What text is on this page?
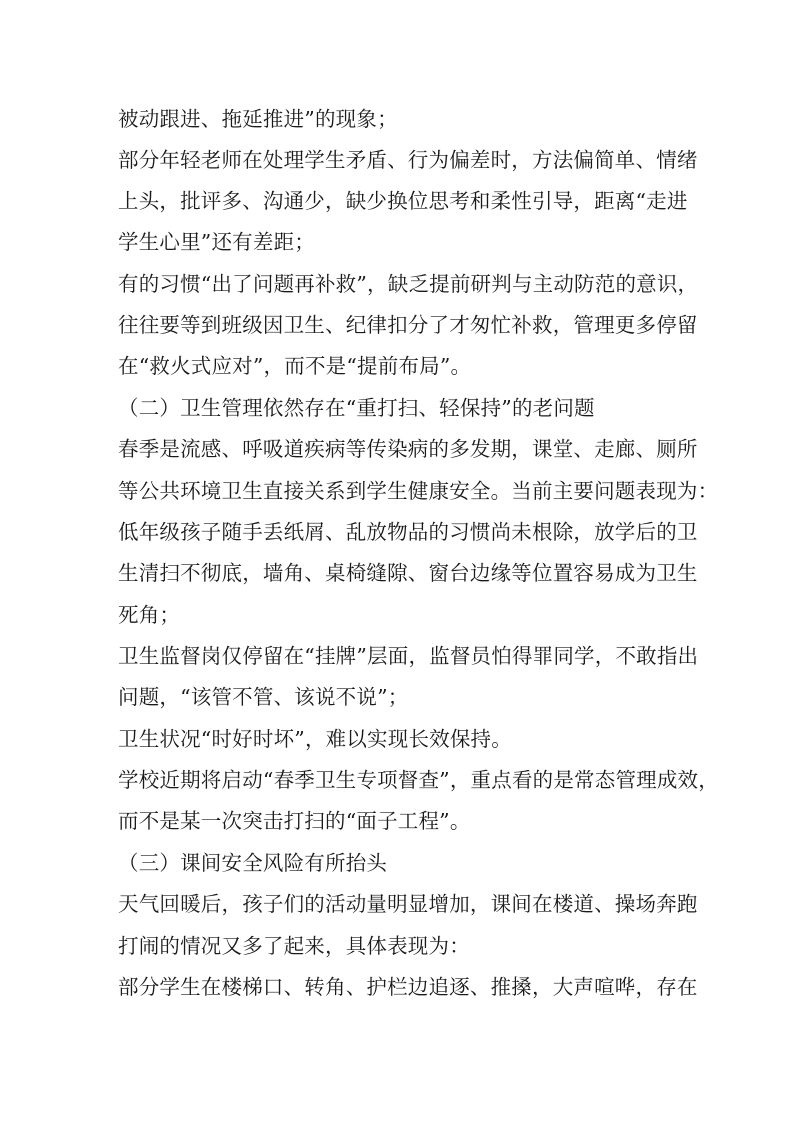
被动跟进、拖延推进”的现象；
部分年轻老师在处理学生矛盾、行为偏差时，方法偏简单、情绪
上头，批评多、沟通少，缺少换位思考和柔性引导，距离“走进
学生心里”还有差距；
有的习惯“出了问题再补救”，缺乏提前研判与主动防范的意识，
往往要等到班级因卫生、纪律扣分了才匆忙补救，管理更多停留
在“救火式应对”，而不是“提前布局”。
（二）卫生管理依然存在“重打扫、轻保持”的老问题
春季是流感、呼吸道疾病等传染病的多发期，课堂、走廊、厕所
等公共环境卫生直接关系到学生健康安全。当前主要问题表现为：
低年级孩子随手丢纸屑、乱放物品的习惯尚未根除，放学后的卫
生清扫不彻底，墙角、桌椅缝隙、窗台边缘等位置容易成为卫生
死角；
卫生监督岗仅停留在“挂牌”层面，监督员怕得罪同学，不敢指出
问题，“该管不管、该说不说”；
卫生状况“时好时坏”，难以实现长效保持。
学校近期将启动“春季卫生专项督查”，重点看的是常态管理成效，
而不是某一次突击打扫的“面子工程”。
（三）课间安全风险有所抬头
天气回暖后，孩子们的活动量明显增加，课间在楼道、操场奔跑
打闹的情况又多了起来，具体表现为：
部分学生在楼梯口、转角、护栏边追逐、推搡，大声喧哗，存在
